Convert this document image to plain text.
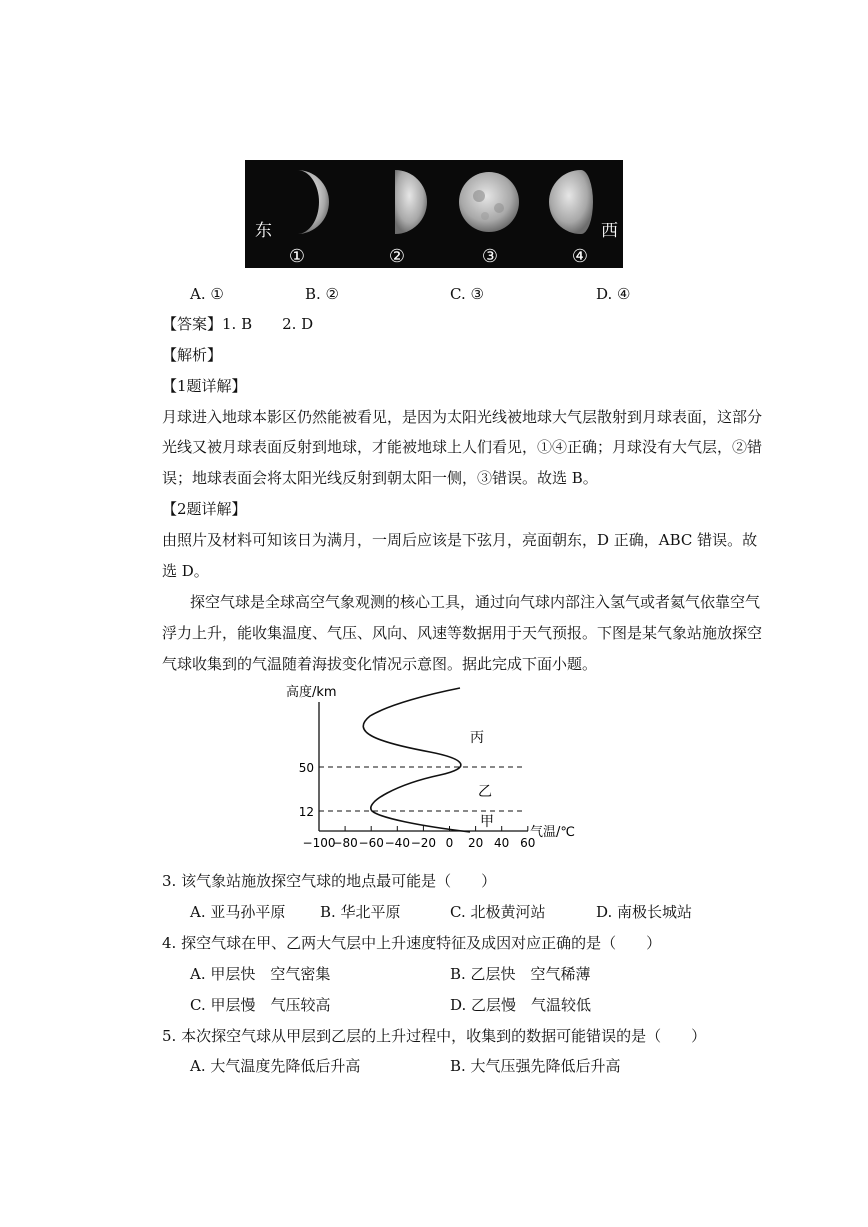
东	西
①	②	③	④
A. ①	B. ②	C. ③	D. ④
【答案】1. B　　2. D
【解析】
【1题详解】
月球进入地球本影区仍然能被看见，是因为太阳光线被地球大气层散射到月球表面，这部分
光线又被月球表面反射到地球，才能被地球上人们看见，①④正确；月球没有大气层，②错
误；地球表面会将太阳光线反射到朝太阳一侧，③错误。故选 B。
【2题详解】
由照片及材料可知该日为满月，一周后应该是下弦月，亮面朝东，D 正确，ABC 错误。故
选 D。
探空气球是全球高空气象观测的核心工具，通过向气球内部注入氢气或者氦气依靠空气
浮力上升，能收集温度、气压、风向、风速等数据用于天气预报。下图是某气象站施放探空
气球收集到的气温随着海拔变化情况示意图。据此完成下面小题。
−100
−80 −60 −40 −20 0 20 40 60
高度/km
气温/℃
12
50
甲
乙
丙
3. 该气象站施放探空气球的地点最可能是（　　）
A. 亚马孙平原 B. 华北平原	C. 北极黄河站	D. 南极长城站
4. 探空气球在甲、乙两大气层中上升速度特征及成因对应正确的是（　　）
A. 甲层快　空气密集	B. 乙层快　空气稀薄
C. 甲层慢　气压较高	D. 乙层慢　气温较低
5. 本次探空气球从甲层到乙层的上升过程中，收集到的数据可能错误的是（　　）
A. 大气温度先降低后升高	B. 大气压强先降低后升高
